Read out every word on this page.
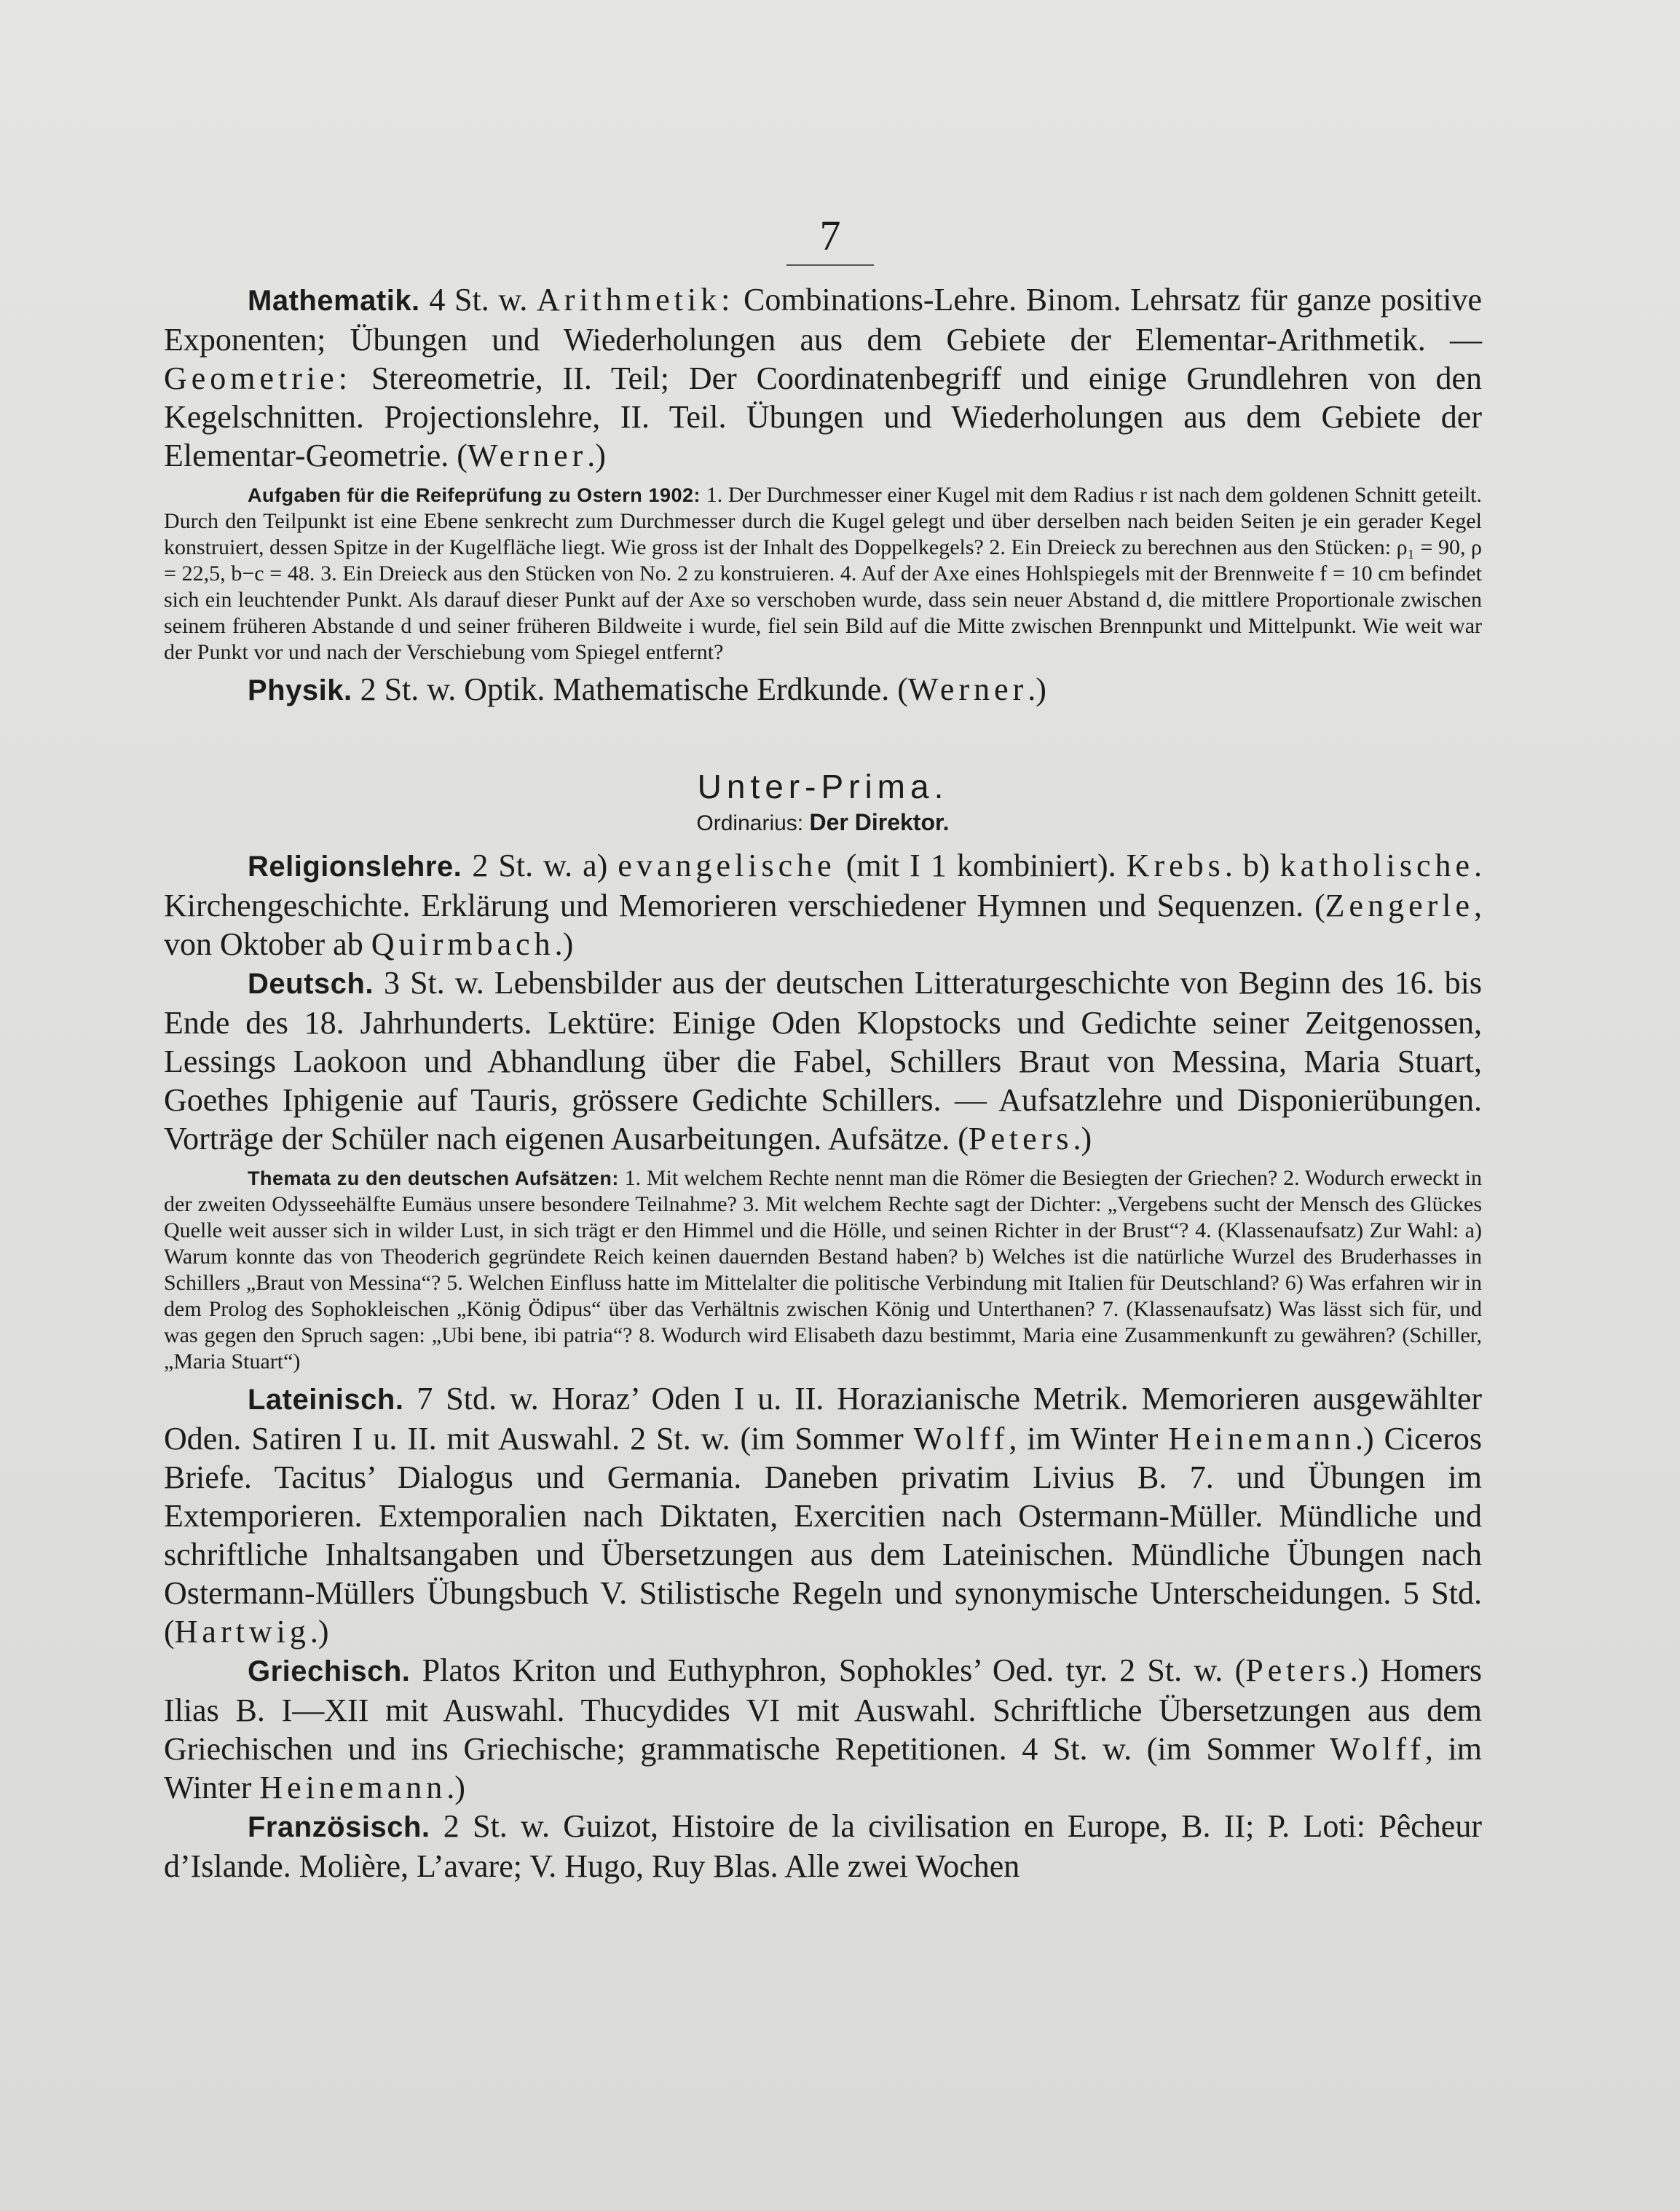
7

Mathematik. 4 St. w. Arithmetik: Combinations-Lehre. Binom. Lehrsatz für ganze positive Exponenten; Übungen und Wiederholungen aus dem Gebiete der Elementar-Arithmetik. — Geometrie: Stereometrie, II. Teil; Der Coordinatenbegriff und einige Grundlehren von den Kegelschnitten. Projectionslehre, II. Teil. Übungen und Wiederholungen aus dem Gebiete der Elementar-Geometrie. (Werner.)

Aufgaben für die Reifeprüfung zu Ostern 1902: 1. Der Durchmesser einer Kugel mit dem Radius r ist nach dem goldenen Schnitt geteilt. Durch den Teilpunkt ist eine Ebene senkrecht zum Durchmesser durch die Kugel gelegt und über derselben nach beiden Seiten je ein gerader Kegel konstruiert, dessen Spitze in der Kugelfläche liegt. Wie gross ist der Inhalt des Doppelkegels? 2. Ein Dreieck zu berechnen aus den Stücken: ρ₁ = 90, ρ = 22,5, b−c = 48. 3. Ein Dreieck aus den Stücken von No. 2 zu konstruieren. 4. Auf der Axe eines Hohlspiegels mit der Brennweite f = 10 cm befindet sich ein leuchtender Punkt. Als darauf dieser Punkt auf der Axe so verschoben wurde, dass sein neuer Abstand d, die mittlere Proportionale zwischen seinem früheren Abstande d und seiner früheren Bildweite i wurde, fiel sein Bild auf die Mitte zwischen Brennpunkt und Mittelpunkt. Wie weit war der Punkt vor und nach der Verschiebung vom Spiegel entfernt?

Physik. 2 St. w. Optik. Mathematische Erdkunde. (Werner.)

Unter-Prima.
Ordinarius: Der Direktor.

Religionslehre. 2 St. w. a) evangelische (mit I 1 kombiniert). Krebs. b) katholische. Kirchengeschichte. Erklärung und Memorieren verschiedener Hymnen und Sequenzen. (Zengerle, von Oktober ab Quirmbach.)

Deutsch. 3 St. w. Lebensbilder aus der deutschen Litteraturgeschichte von Beginn des 16. bis Ende des 18. Jahrhunderts. Lektüre: Einige Oden Klopstocks und Gedichte seiner Zeitgenossen, Lessings Laokoon und Abhandlung über die Fabel, Schillers Braut von Messina, Maria Stuart, Goethes Iphigenie auf Tauris, grössere Gedichte Schillers. — Aufsatzlehre und Disponierübungen. Vorträge der Schüler nach eigenen Ausarbeitungen. Aufsätze. (Peters.)

Themata zu den deutschen Aufsätzen: 1. Mit welchem Rechte nennt man die Römer die Besiegten der Griechen? 2. Wodurch erweckt in der zweiten Odysseehälfte Eumäus unsere besondere Teilnahme? 3. Mit welchem Rechte sagt der Dichter: „Vergebens sucht der Mensch des Glückes Quelle weit ausser sich in wilder Lust, in sich trägt er den Himmel und die Hölle, und seinen Richter in der Brust“? 4. (Klassenaufsatz) Zur Wahl: a) Warum konnte das von Theoderich gegründete Reich keinen dauernden Bestand haben? b) Welches ist die natürliche Wurzel des Bruderhasses in Schillers „Braut von Messina“? 5. Welchen Einfluss hatte im Mittelalter die politische Verbindung mit Italien für Deutschland? 6) Was erfahren wir in dem Prolog des Sophokleischen „König Ödipus“ über das Verhältnis zwischen König und Unterthanen? 7. (Klassenaufsatz) Was lässt sich für, und was gegen den Spruch sagen: „Ubi bene, ibi patria“? 8. Wodurch wird Elisabeth dazu bestimmt, Maria eine Zusammenkunft zu gewähren? (Schiller, „Maria Stuart“)

Lateinisch. 7 Std. w. Horaz’ Oden I u. II. Horazianische Metrik. Memorieren ausgewählter Oden. Satiren I u. II. mit Auswahl. 2 St. w. (im Sommer Wolff, im Winter Heinemann.) Ciceros Briefe. Tacitus’ Dialogus und Germania. Daneben privatim Livius B. 7. und Übungen im Extemporieren. Extemporalien nach Diktaten, Exercitien nach Ostermann-Müller. Mündliche und schriftliche Inhaltsangaben und Übersetzungen aus dem Lateinischen. Mündliche Übungen nach Ostermann-Müllers Übungsbuch V. Stilistische Regeln und synonymische Unterscheidungen. 5 Std. (Hartwig.)

Griechisch. Platos Kriton und Euthyphron, Sophokles’ Oed. tyr. 2 St. w. (Peters.) Homers Ilias B. I—XII mit Auswahl. Thucydides VI mit Auswahl. Schriftliche Übersetzungen aus dem Griechischen und ins Griechische; grammatische Repetitionen. 4 St. w. (im Sommer Wolff, im Winter Heinemann.)

Französisch. 2 St. w. Guizot, Histoire de la civilisation en Europe, B. II; P. Loti: Pêcheur d’Islande. Molière, L’avare; V. Hugo, Ruy Blas. Alle zwei Wochen
